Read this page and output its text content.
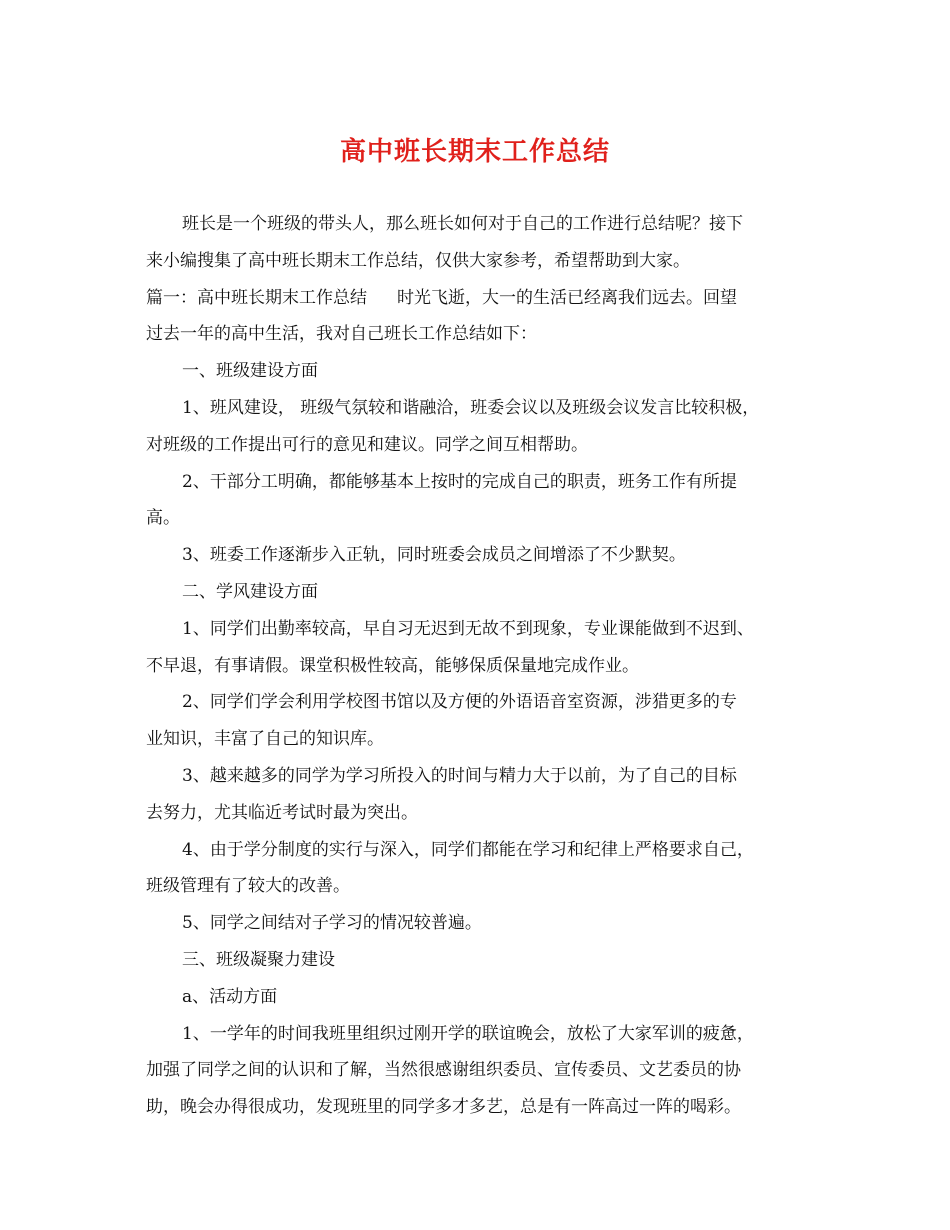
高中班长期末工作总结
班长是一个班级的带头人，那么班长如何对于自己的工作进行总结呢？接下
来小编搜集了高中班长期末工作总结，仅供大家参考，希望帮助到大家。
篇一：高中班长期末工作总结 时光飞逝，大一的生活已经离我们远去。回望
过去一年的高中生活，我对自己班长工作总结如下：
一、班级建设方面
1、班风建设， 班级气氛较和谐融洽，班委会议以及班级会议发言比较积极，
对班级的工作提出可行的意见和建议。同学之间互相帮助。
2、干部分工明确，都能够基本上按时的完成自己的职责，班务工作有所提
高。
3、班委工作逐渐步入正轨，同时班委会成员之间增添了不少默契。
二、学风建设方面
1、同学们出勤率较高，早自习无迟到无故不到现象，专业课能做到不迟到、
不早退，有事请假。课堂积极性较高，能够保质保量地完成作业。
2、同学们学会利用学校图书馆以及方便的外语语音室资源，涉猎更多的专
业知识，丰富了自己的知识库。
3、越来越多的同学为学习所投入的时间与精力大于以前，为了自己的目标
去努力，尤其临近考试时最为突出。
4、由于学分制度的实行与深入，同学们都能在学习和纪律上严格要求自己，
班级管理有了较大的改善。
5、同学之间结对子学习的情况较普遍。
三、班级凝聚力建设
a、活动方面
1、一学年的时间我班里组织过刚开学的联谊晚会，放松了大家军训的疲惫，
加强了同学之间的认识和了解，当然很感谢组织委员、宣传委员、文艺委员的协
助，晚会办得很成功，发现班里的同学多才多艺，总是有一阵高过一阵的喝彩。
